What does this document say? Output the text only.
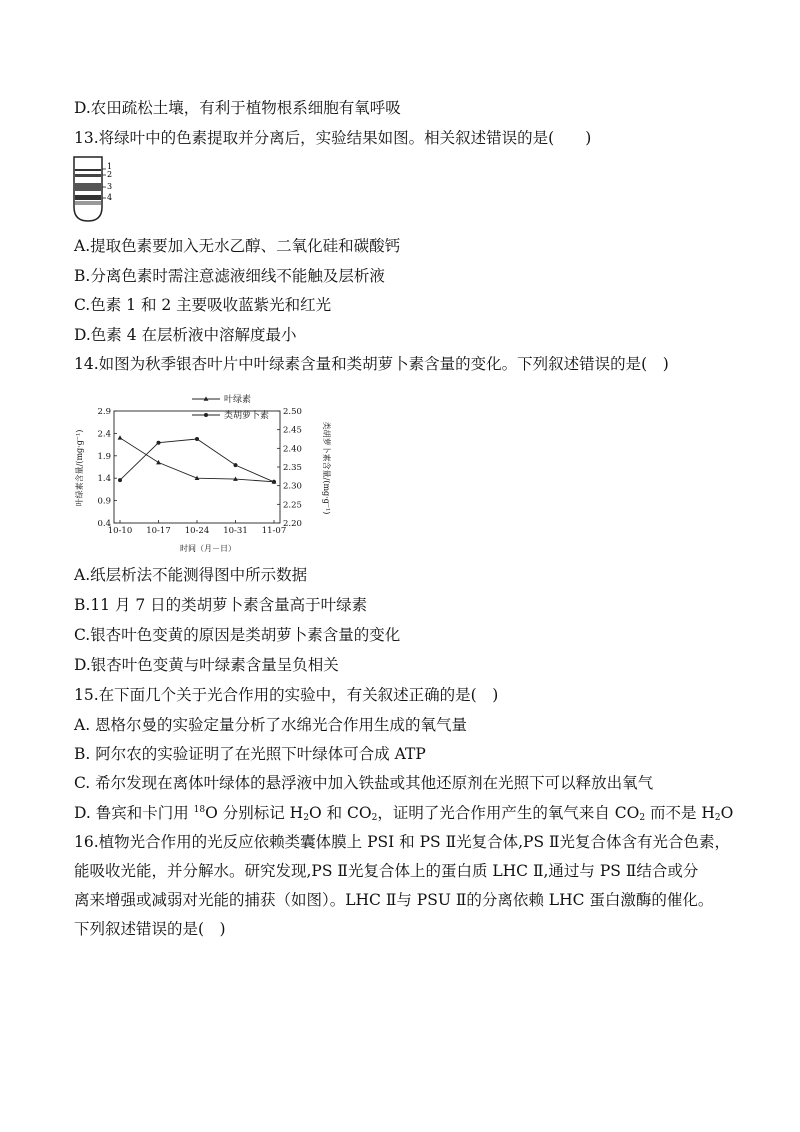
D.农田疏松土壤，有利于植物根系细胞有氧呼吸
13.将绿叶中的色素提取并分离后，实验结果如图。相关叙述错误的是(　　)
1
2
3
4
A.提取色素要加入无水乙醇、二氧化硅和碳酸钙
B.分离色素时需注意滤液细线不能触及层析液
C.色素 1 和 2 主要吸收蓝紫光和红光
D.色素 4 在层析液中溶解度最小
14.如图为秋季银杏叶片中叶绿素含量和类胡萝卜素含量的变化。下列叙述错误的是(　)
0.4
0.9
1.4
1.9
2.4
2.9
2.20
2.25
2.30
2.35
2.40
2.45
2.50
10-10 10-17 10-24 10-31 11-07
叶绿素
类胡萝卜素
时间（月－日）
叶绿素含量/(mg·g⁻¹)	类胡萝卜素含量/(mg·g⁻¹)
A.纸层析法不能测得图中所示数据
B.11 月 7 日的类胡萝卜素含量高于叶绿素
C.银杏叶色变黄的原因是类胡萝卜素含量的变化
D.银杏叶色变黄与叶绿素含量呈负相关
15.在下面几个关于光合作用的实验中，有关叙述正确的是(　)
A. 恩格尔曼的实验定量分析了水绵光合作用生成的氧气量
B. 阿尔农的实验证明了在光照下叶绿体可合成 ATP
C. 希尔发现在离体叶绿体的悬浮液中加入铁盐或其他还原剂在光照下可以释放出氧气
D. 鲁宾和卡门用 $^{18}$O 分别标记 $H_2O$ 和 $CO_2$，证明了光合作用产生的氧气来自 $CO_2$ 而不是 $H_2O$
16.植物光合作用的光反应依赖类囊体膜上 PSI 和 PS Ⅱ光复合体,PS Ⅱ光复合体含有光合色素，
能吸收光能，并分解水。研究发现,PS Ⅱ光复合体上的蛋白质 LHC Ⅱ,通过与 PS Ⅱ结合或分
离来增强或减弱对光能的捕获（如图）。LHC Ⅱ与 PSU Ⅱ的分离依赖 LHC 蛋白激酶的催化。
下列叙述错误的是(　)
